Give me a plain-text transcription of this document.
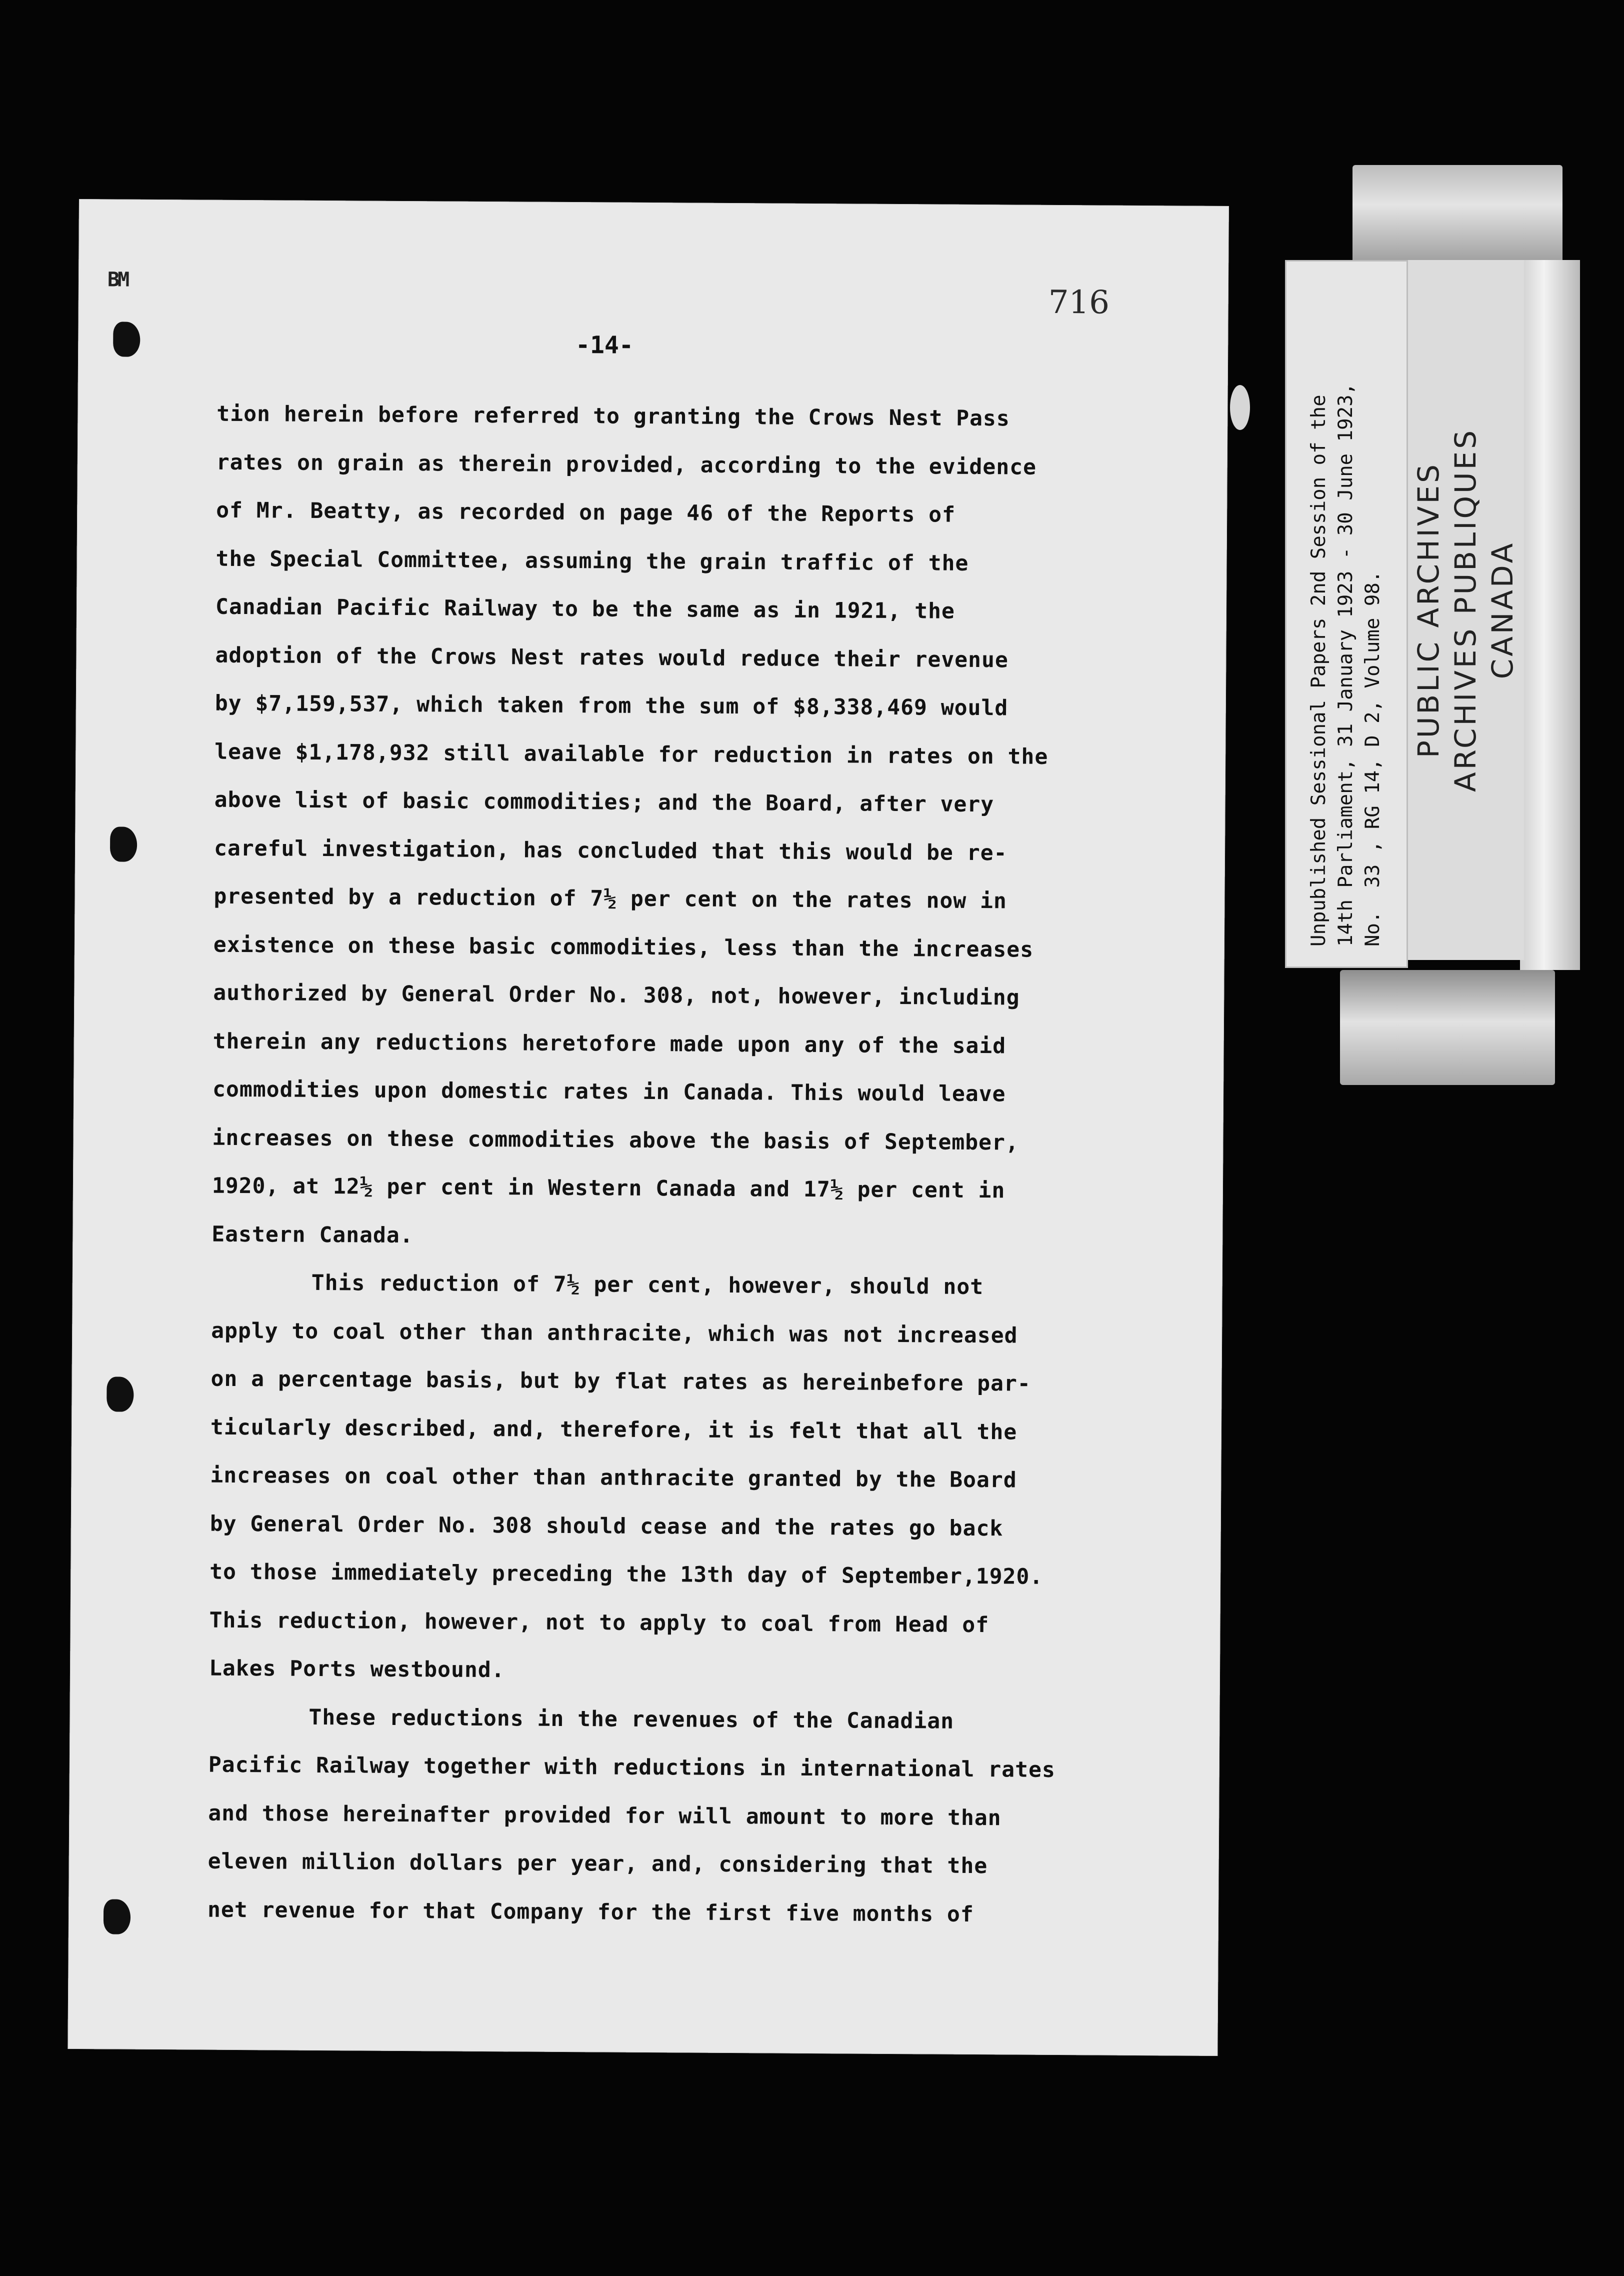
PUBLIC ARCHIVES ARCHIVES PUBLIQUES CANADA
Unpublished Sessional Papers 2nd Session of the 14th Parliament, 31 January 1923 - 30 June 1923, No.  33 , RG 14, D 2, Volume 98.
BM
716
-14-
tion herein before referred to granting the Crows Nest Pass
rates on grain as therein provided, according to the evidence
of Mr. Beatty, as recorded on page 46 of the Reports of
the Special Committee, assuming the grain traffic of the
Canadian Pacific Railway to be the same as in 1921, the
adoption of the Crows Nest rates would reduce their revenue
by $7,159,537, which taken from the sum of $8,338,469 would
leave $1,178,932 still available for reduction in rates on the
above list of basic commodities; and the Board, after very
careful investigation, has concluded that this would be re-
presented by a reduction of 7½ per cent on the rates now in
existence on these basic commodities, less than the increases
authorized by General Order No. 308, not, however, including
therein any reductions heretofore made upon any of the said
commodities upon domestic rates in Canada. This would leave
increases on these commodities above the basis of September,
1920, at 12½ per cent in Western Canada and 17½ per cent in
Eastern Canada.
This reduction of 7½ per cent, however, should not
apply to coal other than anthracite, which was not increased
on a percentage basis, but by flat rates as hereinbefore par-
ticularly described, and, therefore, it is felt that all the
increases on coal other than anthracite granted by the Board
by General Order No. 308 should cease and the rates go back
to those immediately preceding the 13th day of September,1920.
This reduction, however, not to apply to coal from Head of
Lakes Ports westbound.
These reductions in the revenues of the Canadian
Pacific Railway together with reductions in international rates
and those hereinafter provided for will amount to more than
eleven million dollars per year, and, considering that the
net revenue for that Company for the first five months of
